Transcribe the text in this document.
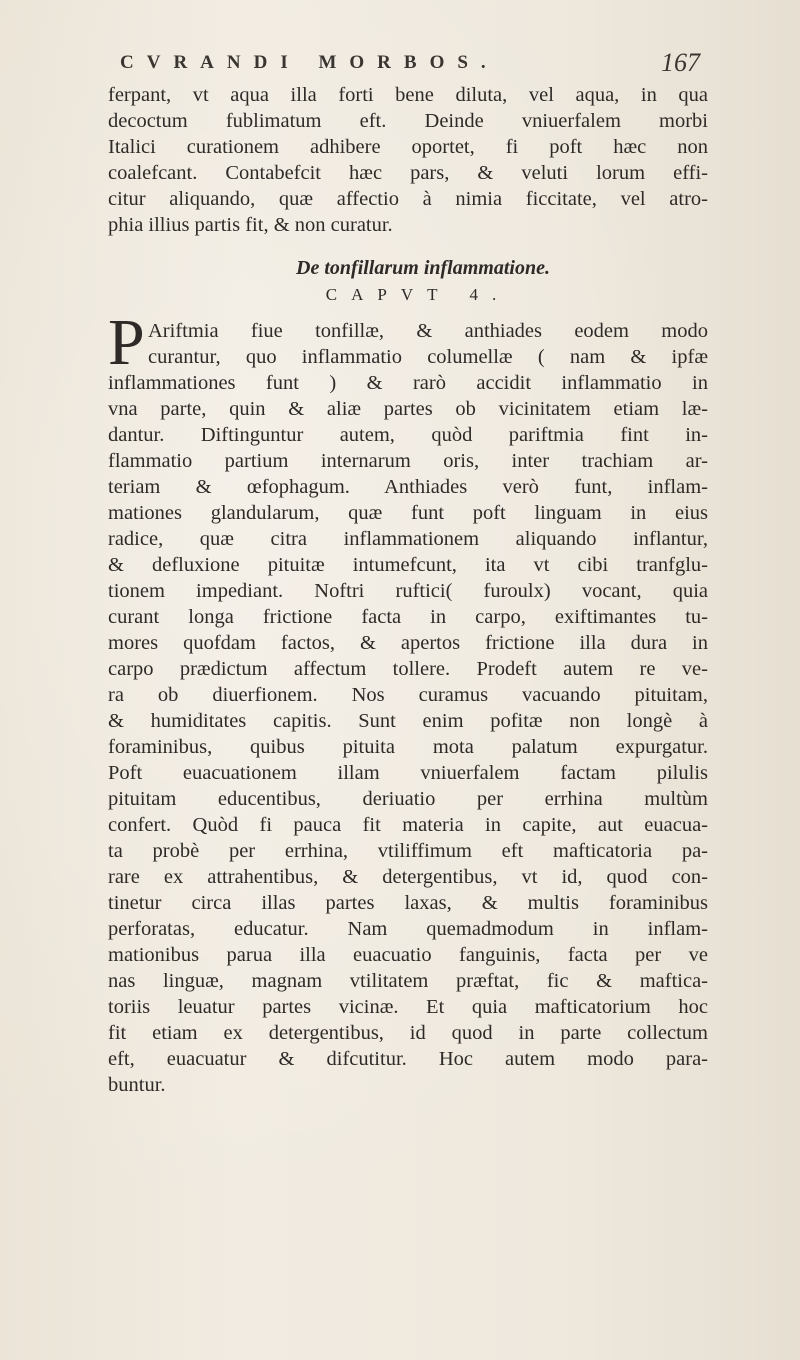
CVRANDI MORBOS.	167
ferpant, vt aqua illa forti bene diluta, vel aqua, in qua
decoctum fublimatum eft. Deinde vniuerfalem morbi
Italici curationem adhibere oportet, fi poft hæc non
coalefcant. Contabefcit hæc pars, & veluti lorum effi-
citur aliquando, quæ affectio à nimia ficcitate, vel atro-
phia illius partis fit, & non curatur.
De tonfillarum inflammatione.
CAPVT 4.
P Ariftmia fiue tonfillæ, & anthiades eodem modo
curantur, quo inflammatio columellæ ( nam & ipfæ
inflammationes funt ) & rarò accidit inflammatio in
vna parte, quin & aliæ partes ob vicinitatem etiam læ-
dantur. Diftinguntur autem, quòd pariftmia fint in-
flammatio partium internarum oris, inter trachiam ar-
teriam & œfophagum. Anthiades verò funt, inflam-
mationes glandularum, quæ funt poft linguam in eius
radice, quæ citra inflammationem aliquando inflantur,
& defluxione pituitæ intumefcunt, ita vt cibi tranfglu-
tionem impediant. Noftri ruftici( furoulx) vocant, quia
curant longa frictione facta in carpo, exiftimantes tu-
mores quofdam factos, & apertos frictione illa dura in
carpo prædictum affectum tollere. Prodeft autem re ve-
ra ob diuerfionem. Nos curamus vacuando pituitam,
& humiditates capitis. Sunt enim pofitæ non longè à
foraminibus, quibus pituita mota palatum expurgatur.
Poft euacuationem illam vniuerfalem factam pilulis
pituitam educentibus, deriuatio per errhina multùm
confert. Quòd fi pauca fit materia in capite, aut euacua-
ta probè per errhina, vtiliffimum eft mafticatoria pa-
rare ex attrahentibus, & detergentibus, vt id, quod con-
tinetur circa illas partes laxas, & multis foraminibus
perforatas, educatur. Nam quemadmodum in inflam-
mationibus parua illa euacuatio fanguinis, facta per ve
nas linguæ, magnam vtilitatem præftat, fic & maftica-
toriis leuatur partes vicinæ. Et quia mafticatorium hoc
fit etiam ex detergentibus, id quod in parte collectum
eft, euacuatur & difcutitur. Hoc autem modo para-
buntur.
